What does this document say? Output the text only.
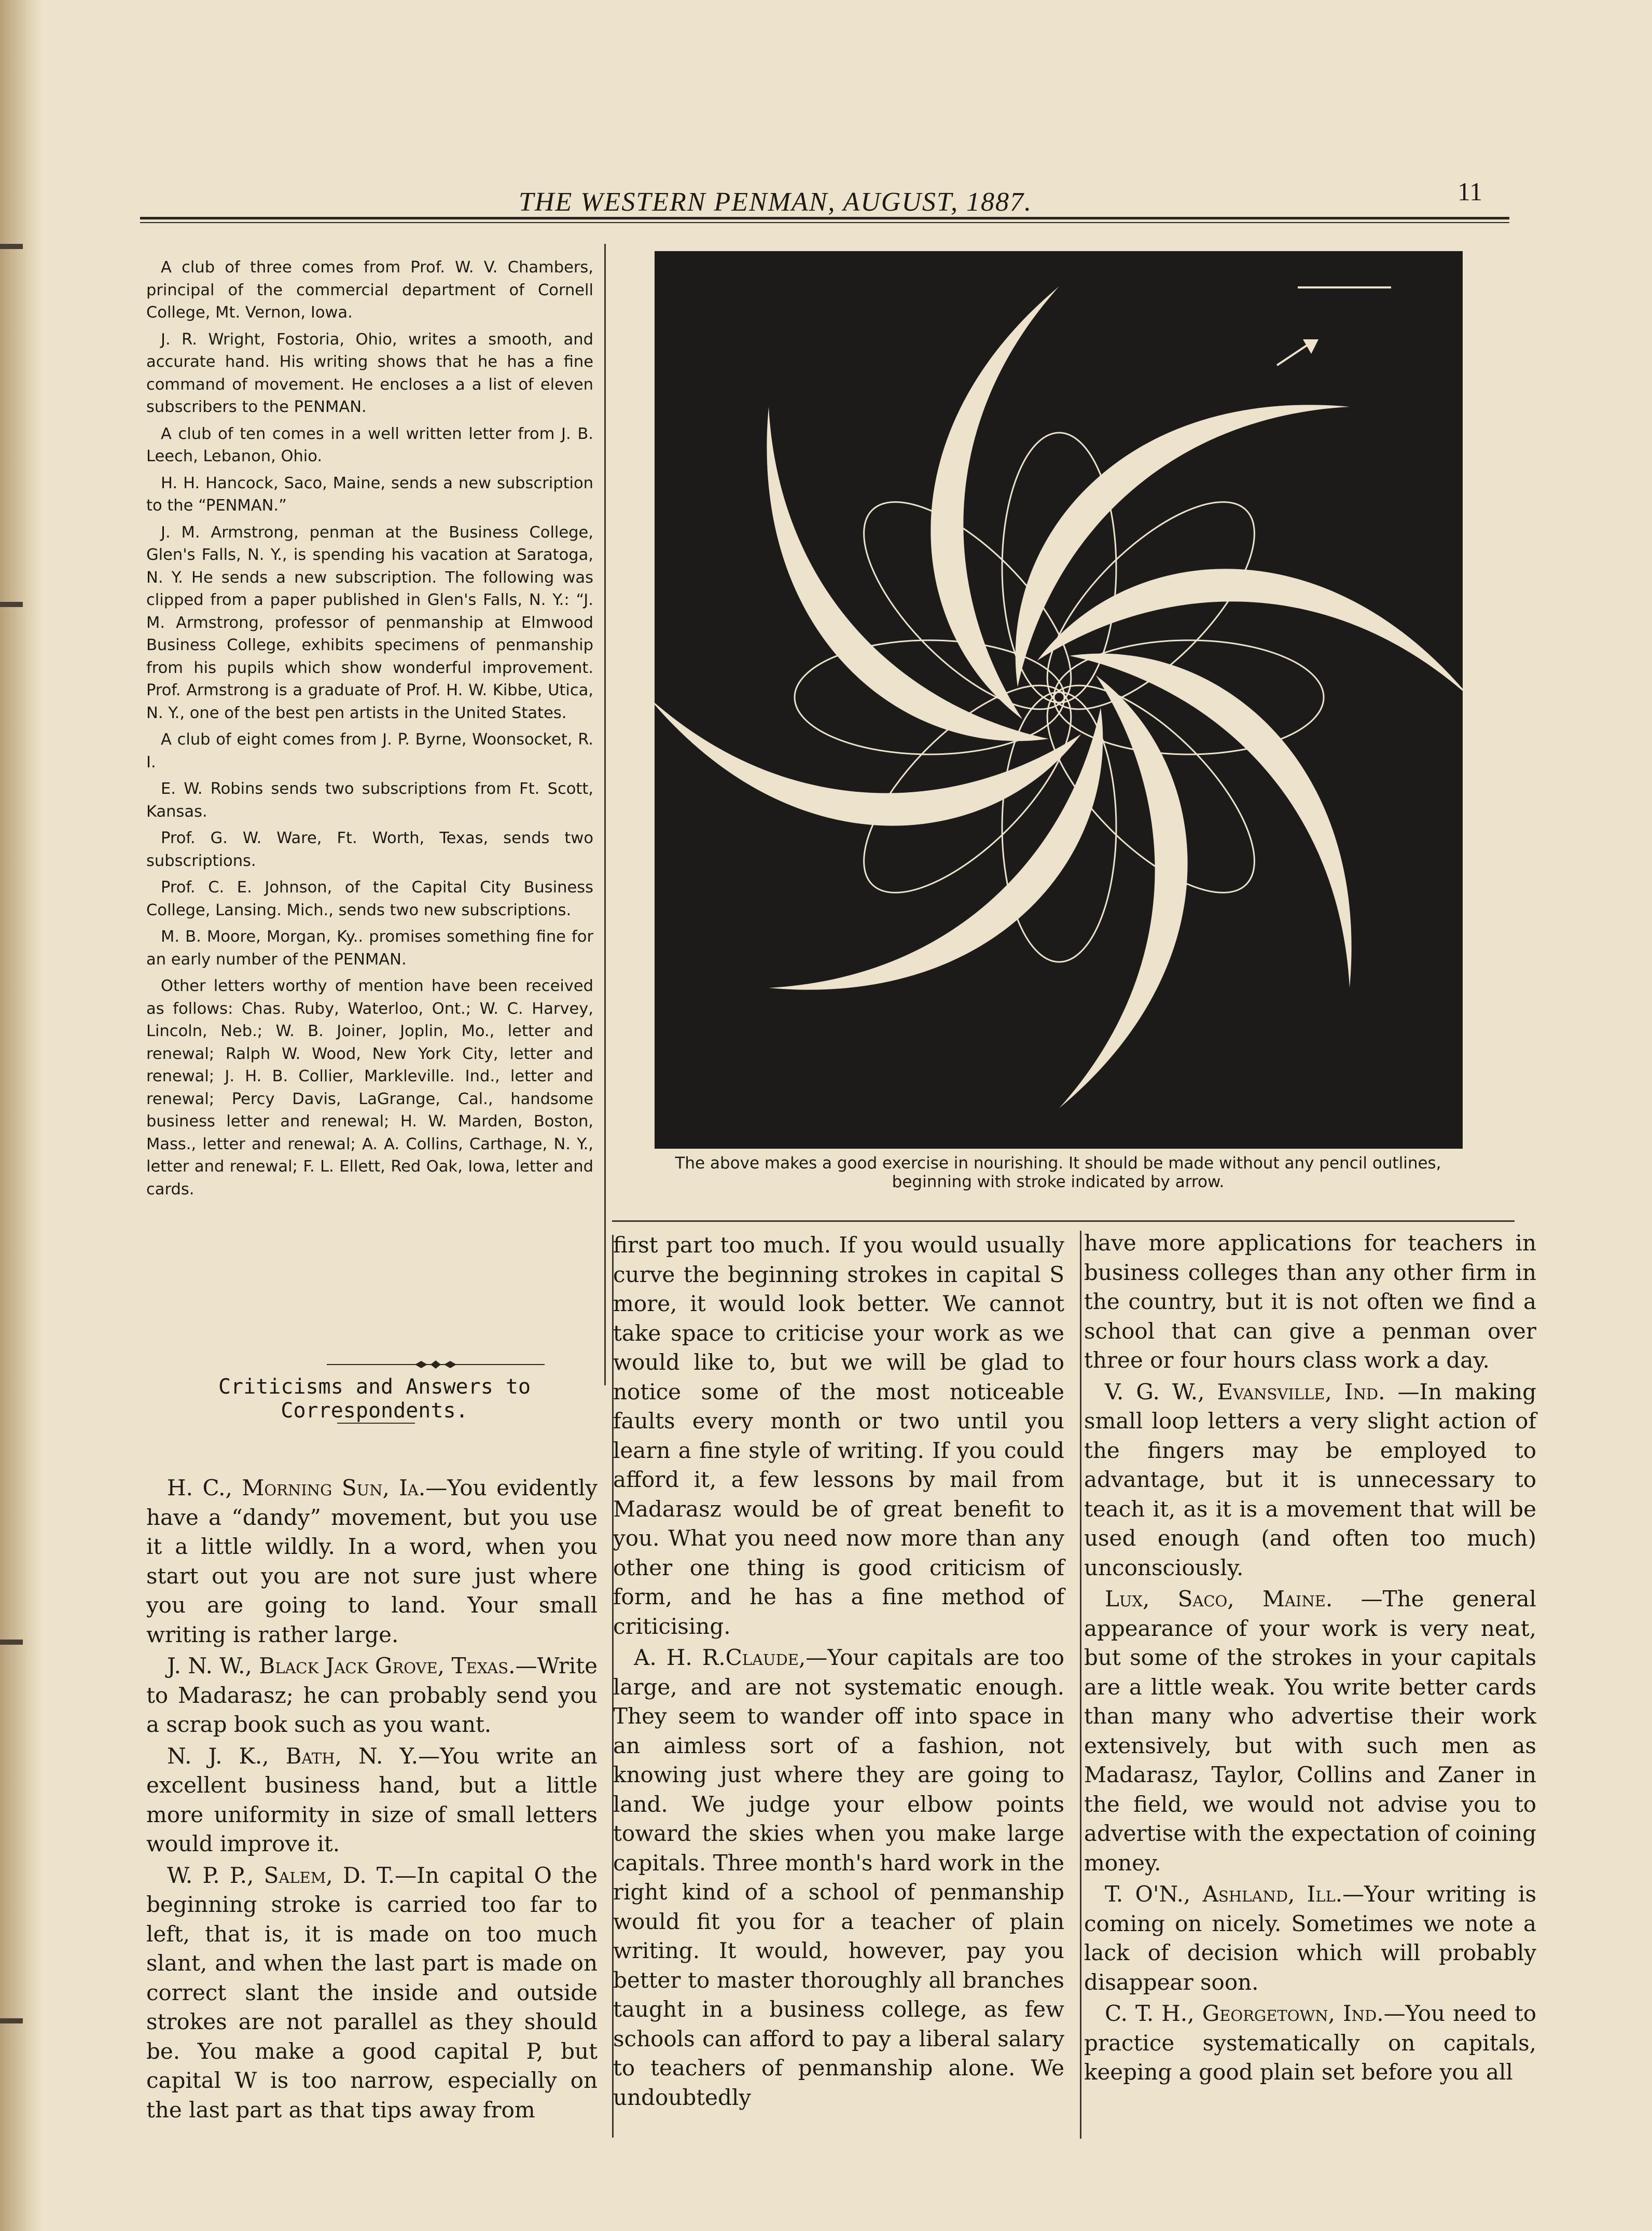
THE WESTERN PENMAN, AUGUST, 1887.	11

A club of three comes from Prof. W. V. Chambers, principal of the commercial department of Cornell College, Mt. Vernon, Iowa.

J. R. Wright, Fostoria, Ohio, writes a smooth, and accurate hand. His writing shows that he has a fine command of movement. He encloses a a list of eleven subscribers to the PENMAN.

A club of ten comes in a well written letter from J. B. Leech, Lebanon, Ohio.

H. H. Hancock, Saco, Maine, sends a new subscription to the “PENMAN.”

J. M. Armstrong, penman at the Business College, Glen's Falls, N. Y., is spending his vacation at Saratoga, N. Y. He sends a new subscription. The following was clipped from a paper published in Glen's Falls, N. Y.: “J. M. Armstrong, professor of penmanship at Elmwood Business College, exhibits specimens of penmanship from his pupils which show wonderful improvement. Prof. Armstrong is a graduate of Prof. H. W. Kibbe, Utica, N. Y., one of the best pen artists in the United States.

A club of eight comes from J. P. Byrne, Woonsocket, R. I.

E. W. Robins sends two subscriptions from Ft. Scott, Kansas.

Prof. G. W. Ware, Ft. Worth, Texas, sends two subscriptions.

Prof. C. E. Johnson, of the Capital City Business College, Lansing. Mich., sends two new subscriptions.

M. B. Moore, Morgan, Ky.. promises something fine for an early number of the PENMAN.

Other letters worthy of mention have been received as follows: Chas. Ruby, Waterloo, Ont.; W. C. Harvey, Lincoln, Neb.; W. B. Joiner, Joplin, Mo., letter and renewal; Ralph W. Wood, New York City, letter and renewal; J. H. B. Collier, Markleville. Ind., letter and renewal; Percy Davis, LaGrange, Cal., handsome business letter and renewal; H. W. Marden, Boston, Mass., letter and renewal; A. A. Collins, Carthage, N. Y., letter and renewal; F. L. Ellett, Red Oak, Iowa, letter and cards.

Criticisms and Answers to Correspondents.
The above makes a good exercise in nourishing. It should be made without any pencil outlines, beginning with stroke indicated by arrow.

H. C., Morning Sun, Ia.—You evidently have a “dandy” movement, but you use it a little wildly. In a word, when you start out you are not sure just where you are going to land. Your small writing is rather large.

J. N. W., Black Jack Grove, Texas.—Write to Madarasz; he can probably send you a scrap book such as you want.

N. J. K., Bath, N. Y.—You write an excellent business hand, but a little more uniformity in size of small letters would improve it.

W. P. P., Salem, D. T.—In capital O the beginning stroke is carried too far to left, that is, it is made on too much slant, and when the last part is made on correct slant the inside and outside strokes are not parallel as they should be. You make a good capital P, but capital W is too narrow, especially on the last part as that tips away from

first part too much. If you would usually curve the beginning strokes in capital S more, it would look better. We cannot take space to criticise your work as we would like to, but we will be glad to notice some of the most noticeable faults every month or two until you learn a fine style of writing. If you could afford it, a few lessons by mail from Madarasz would be of great benefit to you. What you need now more than any other one thing is good criticism of form, and he has a fine method of criticising.

A. H. R.Claude,—Your capitals are too large, and are not systematic enough. They seem to wander off into space in an aimless sort of a fashion, not knowing just where they are going to land. We judge your elbow points toward the skies when you make large capitals. Three month's hard work in the right kind of a school of penmanship would fit you for a teacher of plain writing. It would, however, pay you better to master thoroughly all branches taught in a business college, as few schools can afford to pay a liberal salary to teachers of penmanship alone. We undoubtedly

have more applications for teachers in business colleges than any other firm in the country, but it is not often we find a school that can give a penman over three or four hours class work a day.

V. G. W., Evansville, Ind. —In making small loop letters a very slight action of the fingers may be employed to advantage, but it is unnecessary to teach it, as it is a movement that will be used enough (and often too much) unconsciously.

Lux, Saco, Maine. —The general appearance of your work is very neat, but some of the strokes in your capitals are a little weak. You write better cards than many who advertise their work extensively, but with such men as Madarasz, Taylor, Collins and Zaner in the field, we would not advise you to advertise with the expectation of coining money.

T. O'N., Ashland, Ill.—Your writing is coming on nicely. Sometimes we note a lack of decision which will probably disappear soon.

C. T. H., Georgetown, Ind.—You need to practice systematically on capitals, keeping a good plain set before you all
